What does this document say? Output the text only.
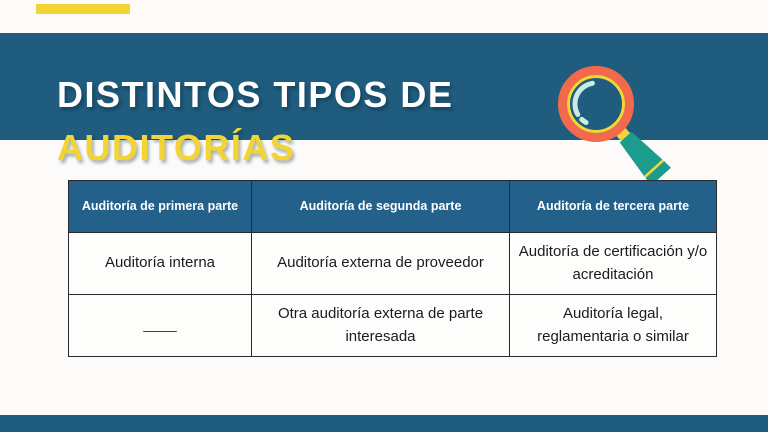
DISTINTOS TIPOS DE
AUDITORÍAS
Auditoría de primera parte	Auditoría de segunda parte	Auditoría de tercera parte
Auditoría interna	Auditoría externa de proveedor	Auditoría de certificación y/o acreditación
____	Otra auditoría externa de parte interesada	Auditoría legal, reglamentaria o similar
